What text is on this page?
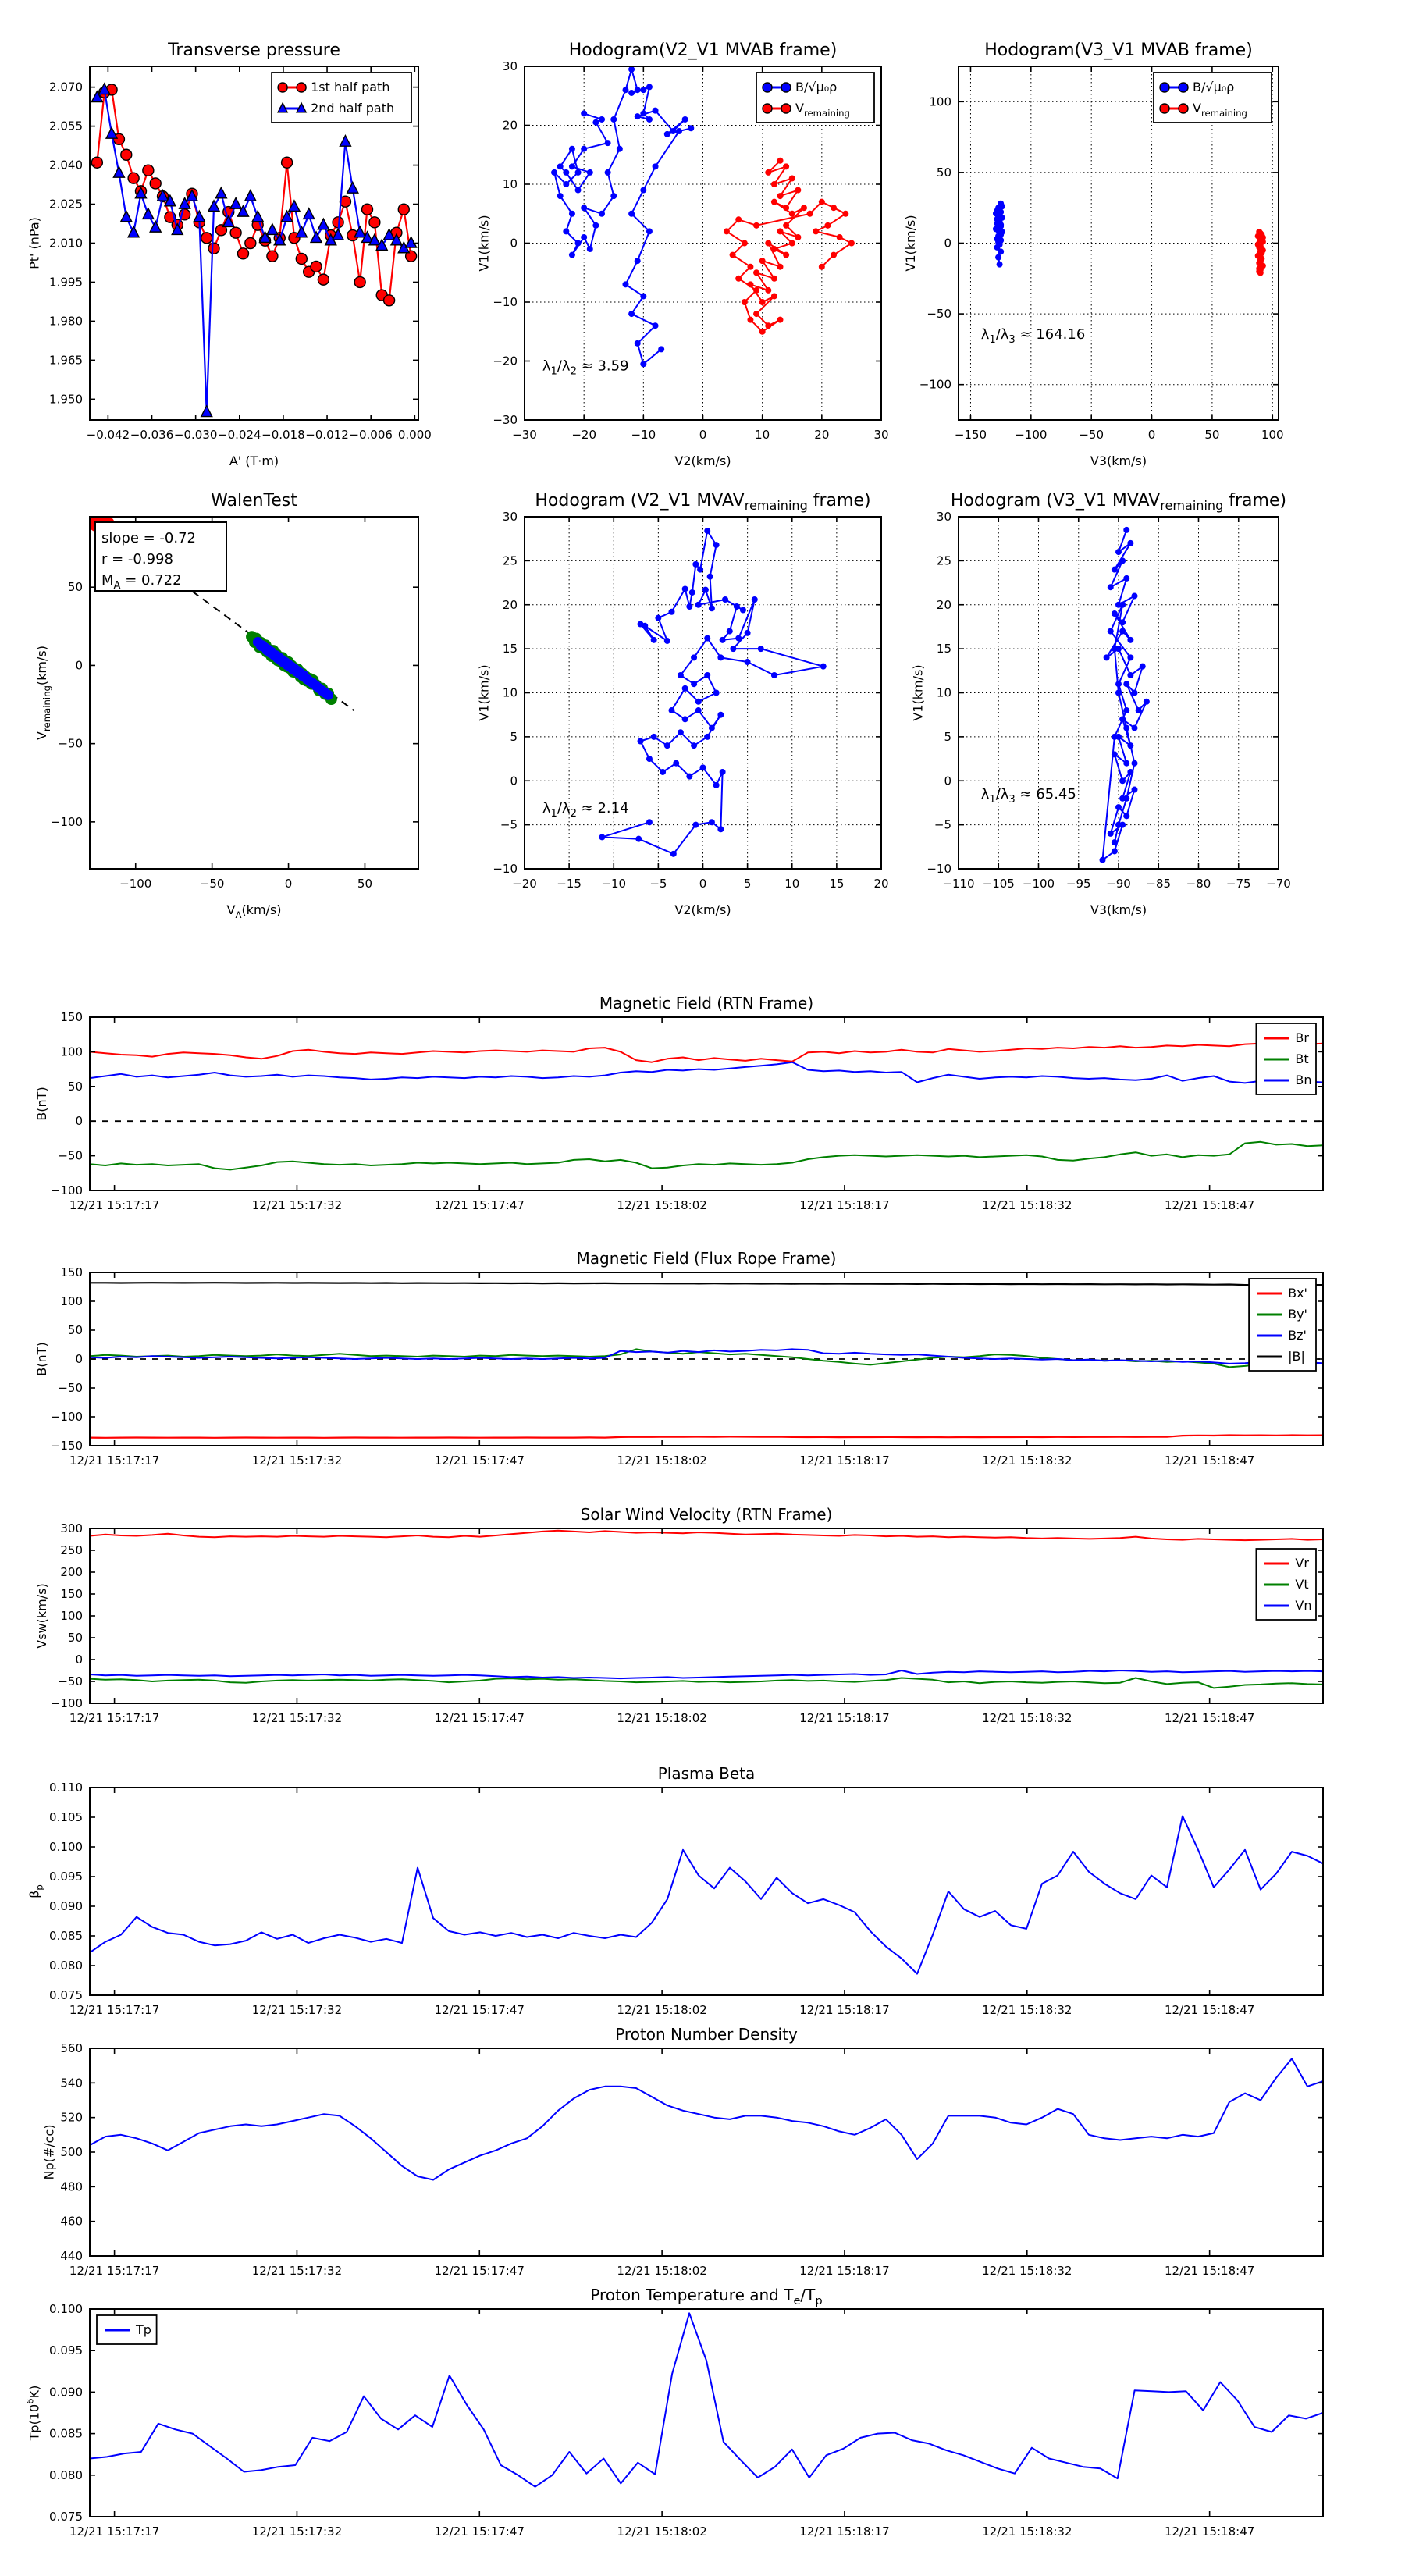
−0.042 −0.036 −0.030 −0.024 −0.018 −0.012 −0.006 0.000
1.950
1.965
1.980
1.995
2.010
2.025
2.040
2.055
2.070
Transverse pressure
A' (T·m)
Pt' (nPa)
1st half path
2nd half path
−30	−20	−10	0	10	20	30
−30
−20
−10
0
10
20
30
Hodogram(V2_V1 MVAB frame)
V2(km/s)
V1(km/s)
$\lambda_1/\lambda_2 \approx 3.59$
B/√μ₀ρ
$V_{remaining}$
−150 −100	−50	0	50	100
−100
−50
0
50
100
Hodogram(V3_V1 MVAB frame)
V3(km/s)
V1(km/s)
$\lambda_1/\lambda_3 \approx 164.16$
B/√μ₀ρ
$V_{remaining}$
−100	−50	0	50
−100
−50
0
50
WalenTest
$V_A(km/s)$
$V_{remaining}(km/s)$
slope = -0.72
r = -0.998
$M_A = 0.722$
−20 −15 −10 −5	0	5	10	15	20
−10
−5
0
5
10
15
20
25
30
Hodogram (V2_V1 $MVAV_{remaining}$ frame)
V2(km/s)
V1(km/s)
$\lambda_1/\lambda_2 \approx 2.14$
−110 −105 −100 −95 −90 −85 −80 −75 −70
−10
−5
0
5
10
15
20
25
30
Hodogram (V3_V1 $MVAV_{remaining}$ frame)
V3(km/s)
V1(km/s)
$\lambda_1/\lambda_3 \approx 65.45$
12/21 15:17:17	12/21 15:17:32	12/21 15:17:47	12/21 15:18:02	12/21 15:18:17	12/21 15:18:32	12/21 15:18:47
−100
−50
0
50
100
150
Magnetic Field (RTN Frame)
B(nT)
Br
Bt
Bn
12/21 15:17:17	12/21 15:17:32	12/21 15:17:47	12/21 15:18:02	12/21 15:18:17	12/21 15:18:32	12/21 15:18:47
−150
−100
−50
0
50
100
150
Magnetic Field (Flux Rope Frame)
B(nT)
Bx'
By'
Bz'
|B|
12/21 15:17:17	12/21 15:17:32	12/21 15:17:47	12/21 15:18:02	12/21 15:18:17	12/21 15:18:32	12/21 15:18:47
−100
−50
0
50
100
150
200
250
300
Solar Wind Velocity (RTN Frame)
Vsw(km/s)
Vr
Vt
Vn
12/21 15:17:17	12/21 15:17:32	12/21 15:17:47	12/21 15:18:02	12/21 15:18:17	12/21 15:18:32	12/21 15:18:47
0.075
0.080
0.085
0.090
0.095
0.100
0.105
0.110
Plasma Beta
$\beta_p$
12/21 15:17:17	12/21 15:17:32	12/21 15:17:47	12/21 15:18:02	12/21 15:18:17	12/21 15:18:32	12/21 15:18:47
440
460
480
500
520
540
560
Proton Number Density
Np(#/cc)
12/21 15:17:17	12/21 15:17:32	12/21 15:17:47	12/21 15:18:02	12/21 15:18:17	12/21 15:18:32	12/21 15:18:47
0.075
0.080
0.085
0.090
0.095
0.100
Proton Temperature and $T_e/T_p$
$Tp(10^6K)$
Tp
